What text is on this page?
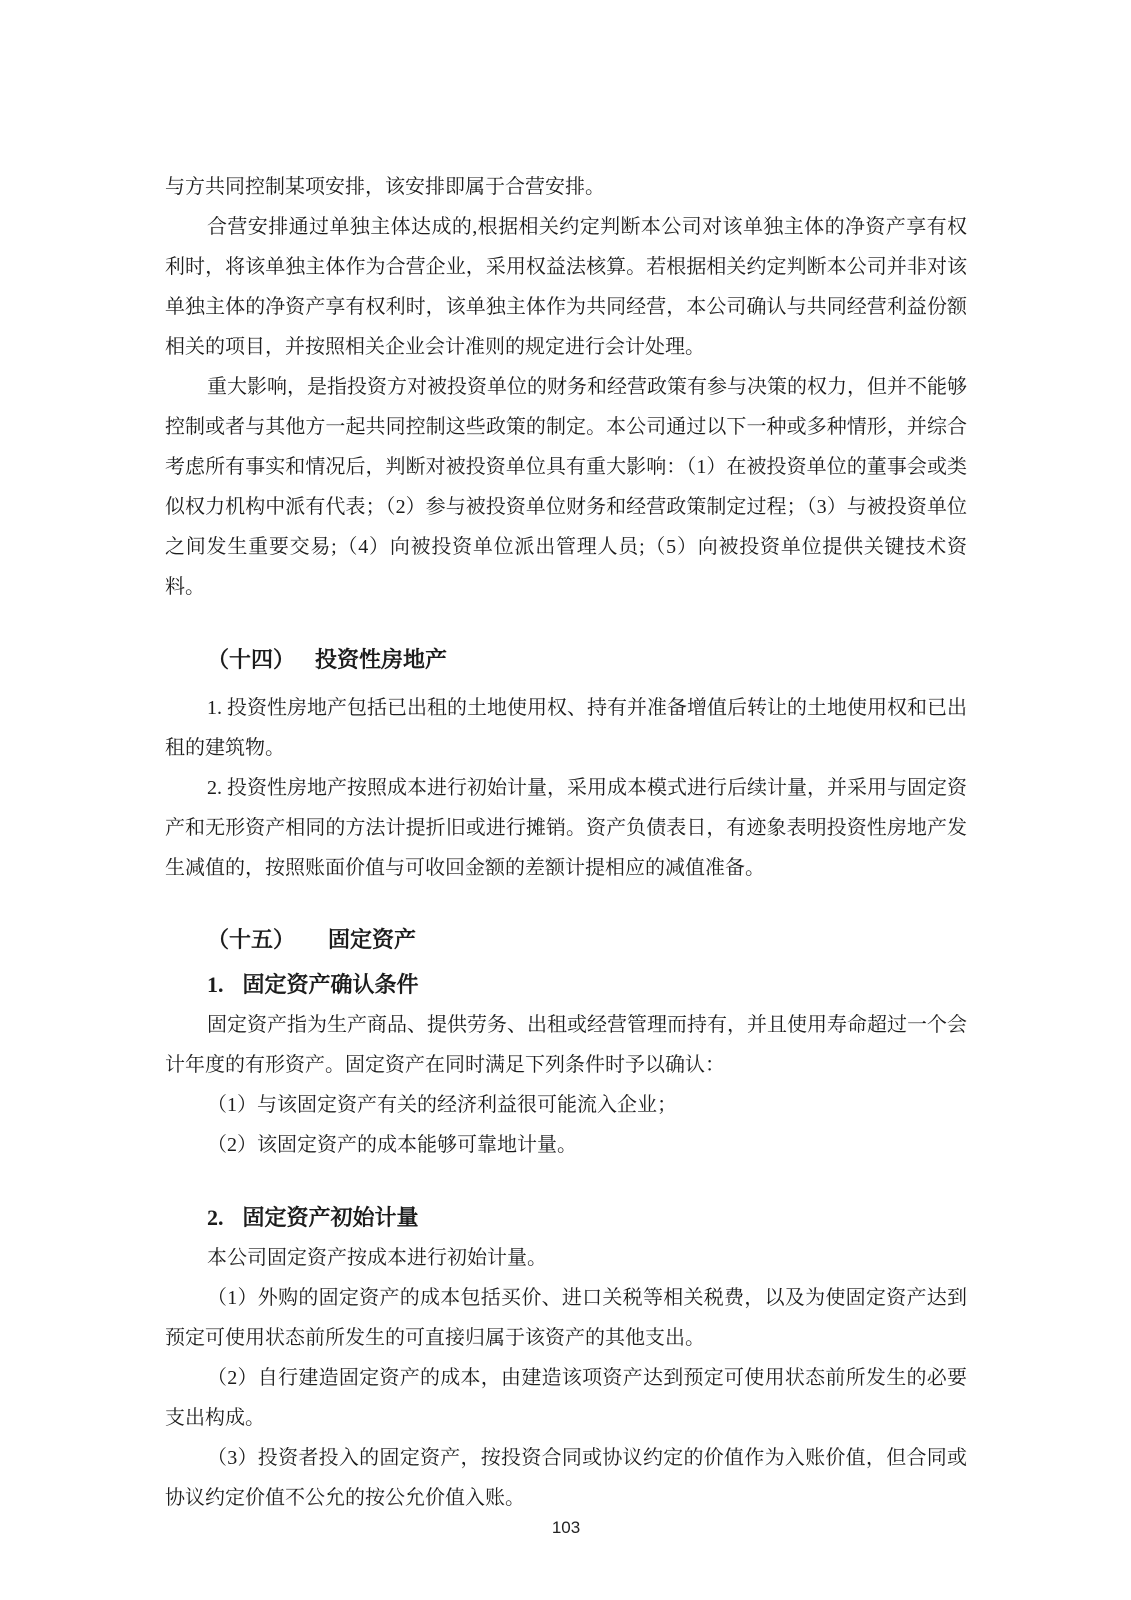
与方共同控制某项安排，该安排即属于合营安排。

合营安排通过单独主体达成的,根据相关约定判断本公司对该单独主体的净资产享有权利时，将该单独主体作为合营企业，采用权益法核算。若根据相关约定判断本公司并非对该单独主体的净资产享有权利时，该单独主体作为共同经营，本公司确认与共同经营利益份额相关的项目，并按照相关企业会计准则的规定进行会计处理。

重大影响，是指投资方对被投资单位的财务和经营政策有参与决策的权力，但并不能够控制或者与其他方一起共同控制这些政策的制定。本公司通过以下一种或多种情形，并综合考虑所有事实和情况后，判断对被投资单位具有重大影响：（1）在被投资单位的董事会或类似权力机构中派有代表；（2）参与被投资单位财务和经营政策制定过程；（3）与被投资单位之间发生重要交易;（4）向被投资单位派出管理人员;（5）向被投资单位提供关键技术资料。

（十四） 投资性房地产

1. 投资性房地产包括已出租的土地使用权、持有并准备增值后转让的土地使用权和已出租的建筑物。

2. 投资性房地产按照成本进行初始计量，采用成本模式进行后续计量，并采用与固定资产和无形资产相同的方法计提折旧或进行摊销。资产负债表日，有迹象表明投资性房地产发生减值的，按照账面价值与可收回金额的差额计提相应的减值准备。

（十五） 固定资产
1. 固定资产确认条件

固定资产指为生产商品、提供劳务、出租或经营管理而持有，并且使用寿命超过一个会计年度的有形资产。固定资产在同时满足下列条件时予以确认：

（1）与该固定资产有关的经济利益很可能流入企业；

（2）该固定资产的成本能够可靠地计量。

2. 固定资产初始计量

本公司固定资产按成本进行初始计量。

（1）外购的固定资产的成本包括买价、进口关税等相关税费，以及为使固定资产达到预定可使用状态前所发生的可直接归属于该资产的其他支出。

（2）自行建造固定资产的成本，由建造该项资产达到预定可使用状态前所发生的必要支出构成。

（3）投资者投入的固定资产，按投资合同或协议约定的价值作为入账价值，但合同或协议约定价值不公允的按公允价值入账。

103
